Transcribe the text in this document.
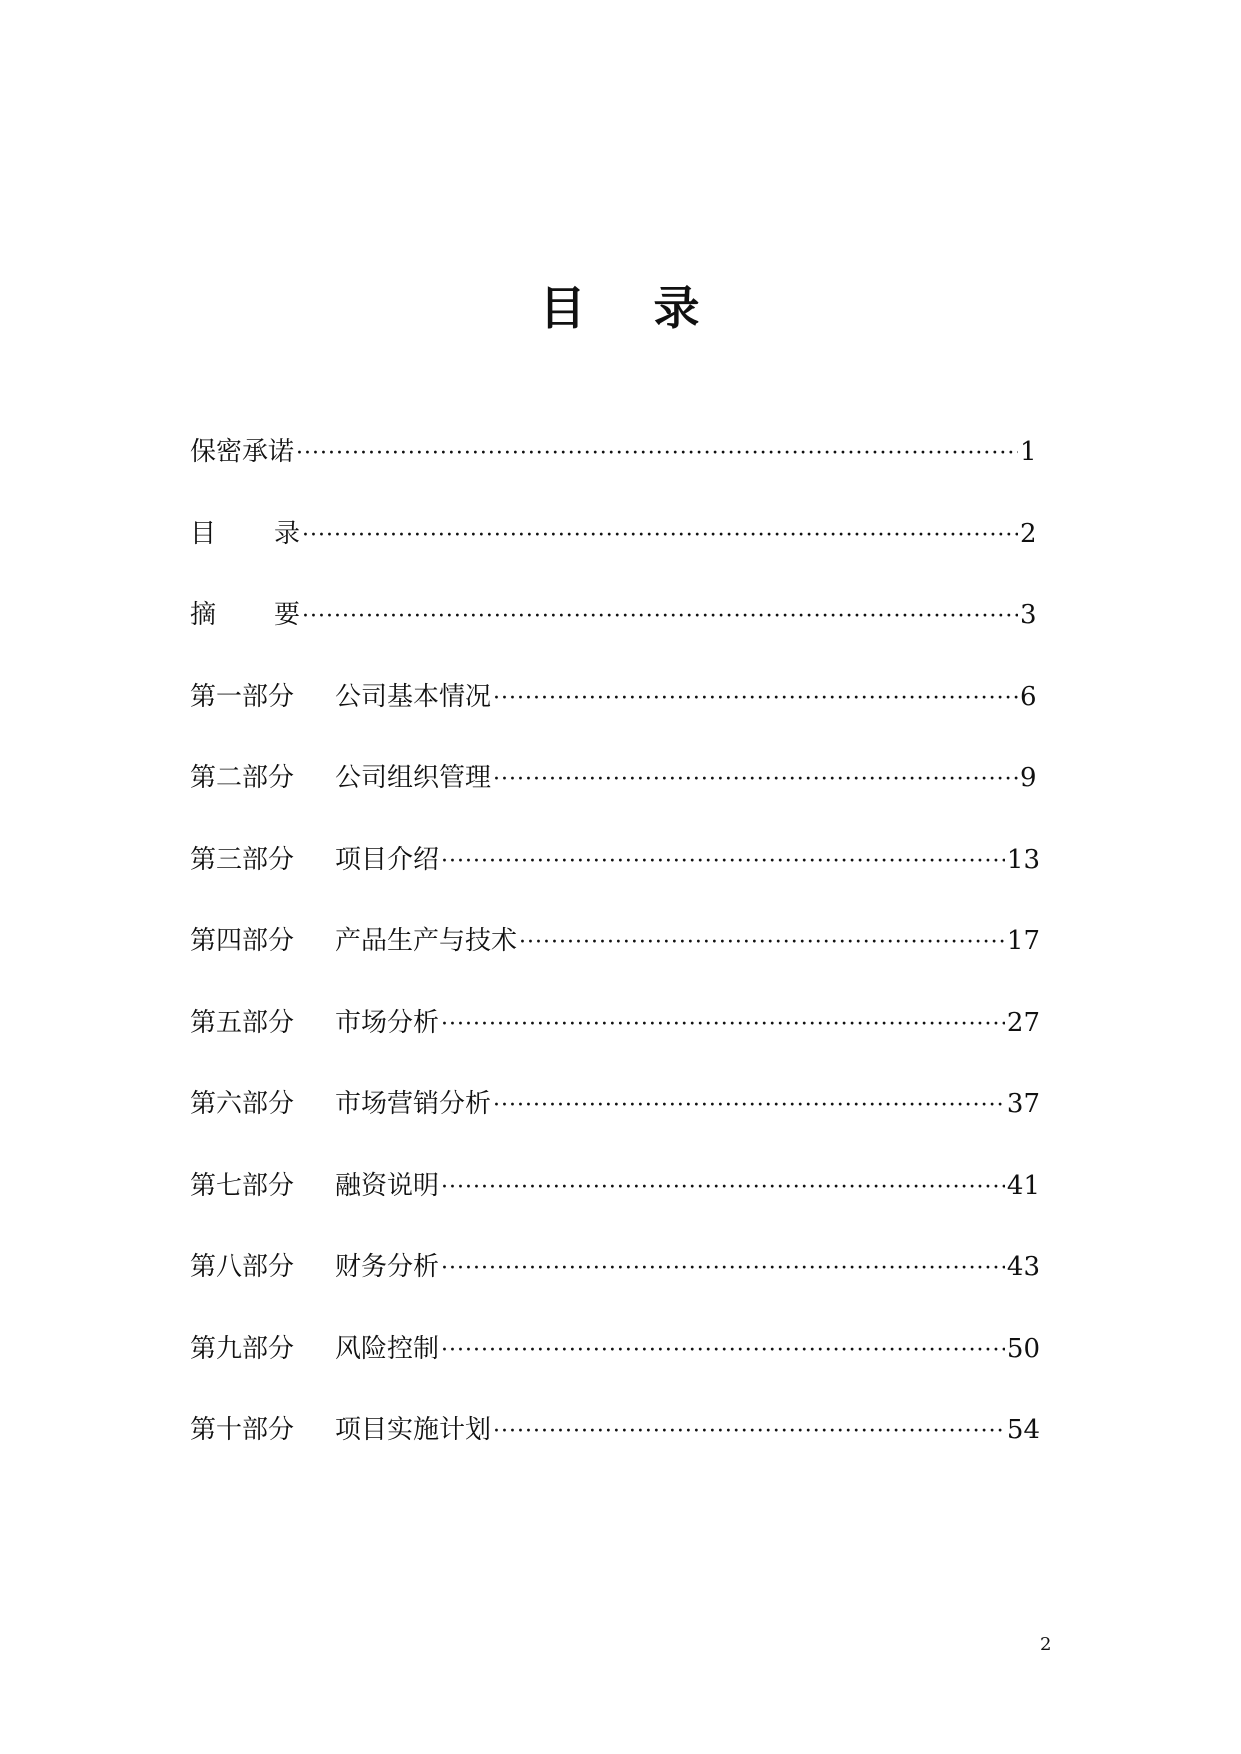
目 录
保密承诺 ·····	1
目 录 ·····	2
摘 要 ·····	3
第一部分	公司基本情况 ·····	6
第二部分	公司组织管理 ·····	9
第三部分	项目介绍 ·····	13
第四部分	产品生产与技术 ·····	17
第五部分	市场分析 ·····	27
第六部分	市场营销分析 ·····	37
第七部分	融资说明 ·····	41
第八部分	财务分析 ·····	43
第九部分	风险控制 ·····	50
第十部分	项目实施计划 ·····	54
2
